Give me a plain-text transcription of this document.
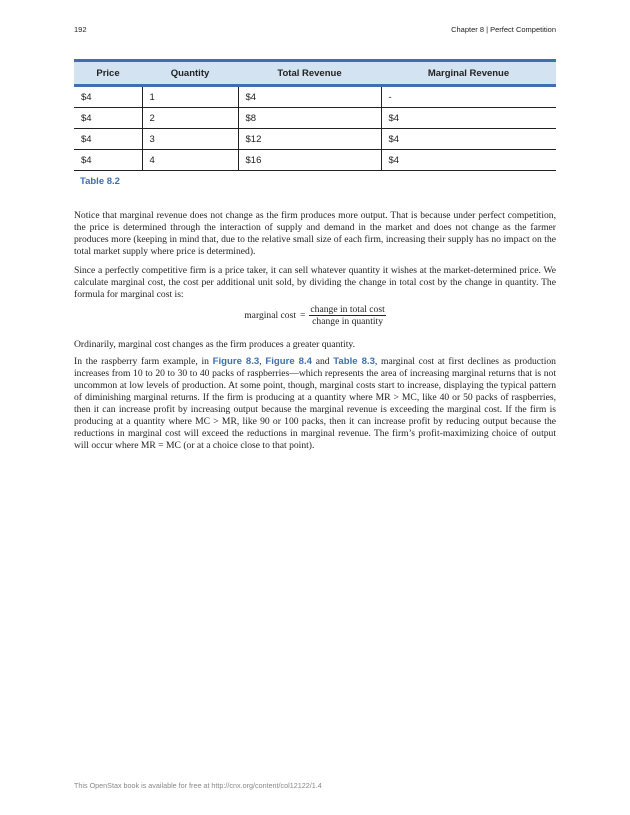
192	Chapter 8 | Perfect Competition
Price	Quantity	Total Revenue	Marginal Revenue
$4	1	$4	-
$4	2	$8	$4
$4	3	$12	$4
$4	4	$16	$4
Table 8.2

Notice that marginal revenue does not change as the firm produces more output. That is because under perfect competition, the price is determined through the interaction of supply and demand in the market and does not change as the farmer produces more (keeping in mind that, due to the relative small size of each firm, increasing their supply has no impact on the total market supply where price is determined).

Since a perfectly competitive firm is a price taker, it can sell whatever quantity it wishes at the market-determined price. We calculate marginal cost, the cost per additional unit sold, by dividing the change in total cost by the change in quantity. The formula for marginal cost is:

marginal $\cos t = \frac{\text{change in total cost}}{\text{change in quantity}}$

Ordinarily, marginal cost changes as the firm produces a greater quantity.

In the raspberry farm example, in Figure 8.3, Figure 8.4 and Table 8.3, marginal cost at first declines as production increases from 10 to 20 to 30 to 40 packs of raspberries—which represents the area of increasing marginal returns that is not uncommon at low levels of production. At some point, though, marginal costs start to increase, displaying the typical pattern of diminishing marginal returns. If the firm is producing at a quantity where MR > MC, like 40 or 50 packs of raspberries, then it can increase profit by increasing output because the marginal revenue is exceeding the marginal cost. If the firm is producing at a quantity where MC > MR, like 90 or 100 packs, then it can increase profit by reducing output because the reductions in marginal cost will exceed the reductions in marginal revenue. The firm’s profit-maximizing choice of output will occur where MR = MC (or at a choice close to that point).

This OpenStax book is available for free at http://cnx.org/content/col12122/1.4
